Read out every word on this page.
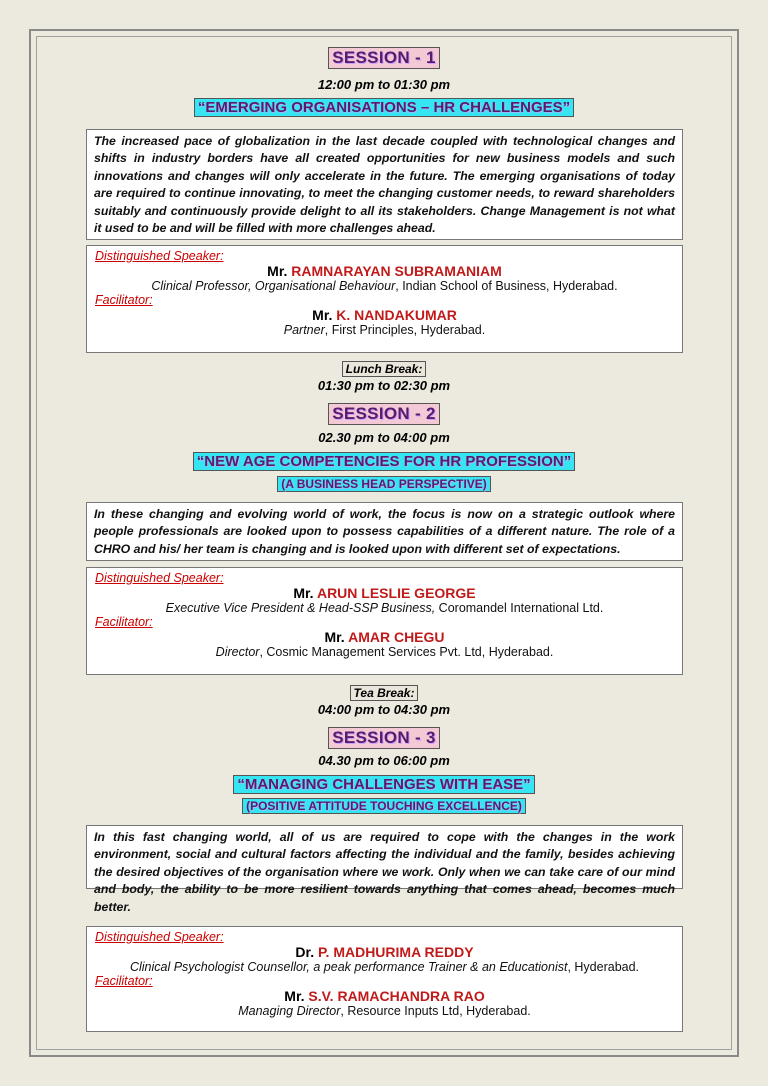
SESSION - 1
12:00 pm to 01:30 pm
“EMERGING ORGANISATIONS – HR CHALLENGES”
The increased pace of globalization in the last decade coupled with technological changes and shifts in industry borders have all created opportunities for new business models and such innovations and changes will only accelerate in the future. The emerging organisations of today are required to continue innovating, to meet the changing customer needs, to reward shareholders suitably and continuously provide delight to all its stakeholders. Change Management is not what it used to be and will be filled with more challenges ahead.
Distinguished Speaker:
Mr. RAMNARAYAN SUBRAMANIAM
Clinical Professor, Organisational Behaviour, Indian School of Business, Hyderabad.
Facilitator:
Mr. K. NANDAKUMAR
Partner, First Principles, Hyderabad.
Lunch Break:
01:30 pm to 02:30 pm
SESSION - 2
02.30 pm to 04:00 pm
“NEW AGE COMPETENCIES FOR HR PROFESSION”
(A BUSINESS HEAD PERSPECTIVE)
In these changing and evolving world of work, the focus is now on a strategic outlook where people professionals are looked upon to possess capabilities of a different nature. The role of a CHRO and his/ her team is changing and is looked upon with different set of expectations.
Distinguished Speaker:
Mr. ARUN LESLIE GEORGE
Executive Vice President & Head-SSP Business, Coromandel International Ltd.
Facilitator:
Mr. AMAR CHEGU
Director, Cosmic Management Services Pvt. Ltd, Hyderabad.
Tea Break:
04:00 pm to 04:30 pm
SESSION - 3
04.30 pm to 06:00 pm
“MANAGING CHALLENGES WITH EASE”
(POSITIVE ATTITUDE TOUCHING EXCELLENCE)
In this fast changing world, all of us are required to cope with the changes in the work environment, social and cultural factors affecting the individual and the family, besides achieving the desired objectives of the organisation where we work. Only when we can take care of our mind and body, the ability to be more resilient towards anything that comes ahead, becomes much better.
Distinguished Speaker:
Dr. P. MADHURIMA REDDY
Clinical Psychologist Counsellor, a peak performance Trainer & an Educationist, Hyderabad.
Facilitator:
Mr. S.V. RAMACHANDRA RAO
Managing Director, Resource Inputs Ltd, Hyderabad.
